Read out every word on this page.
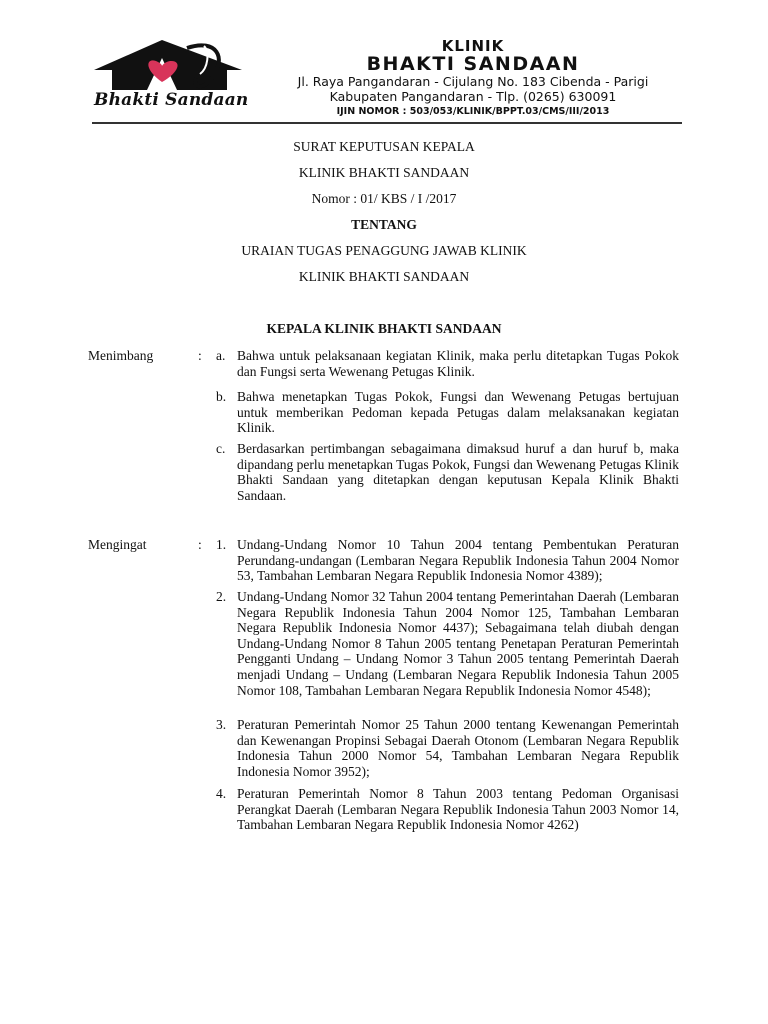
Bhakti Sandaan
KLINIK
BHAKTI SANDAAN
Jl. Raya Pangandaran - Cijulang No. 183 Cibenda - Parigi
Kabupaten Pangandaran - Tlp. (0265) 630091
IJIN NOMOR : 503/053/KLINIK/BPPT.03/CMS/III/2013
SURAT KEPUTUSAN KEPALA
KLINIK BHAKTI SANDAAN
Nomor : 01/ KBS / I /2017
TENTANG
URAIAN TUGAS PENAGGUNG JAWAB KLINIK
KLINIK BHAKTI SANDAAN
KEPALA KLINIK BHAKTI SANDAAN
Menimbang	: a. Bahwa untuk pelaksanaan kegiatan Klinik, maka perlu ditetapkan Tugas Pokok dan Fungsi serta Wewenang Petugas Klinik.
b. Bahwa menetapkan Tugas Pokok, Fungsi dan Wewenang Petugas bertujuan untuk memberikan Pedoman kepada Petugas dalam melaksanakan kegiatan Klinik.
c. Berdasarkan pertimbangan sebagaimana dimaksud huruf a dan huruf b, maka dipandang perlu menetapkan Tugas Pokok, Fungsi dan Wewenang Petugas Klinik Bhakti Sandaan yang ditetapkan dengan keputusan Kepala Klinik Bhakti Sandaan.
Mengingat	: 1. Undang-Undang Nomor 10 Tahun 2004 tentang Pembentukan Peraturan Perundang-undangan (Lembaran Negara Republik Indonesia Tahun 2004 Nomor 53, Tambahan Lembaran Negara Republik Indonesia Nomor 4389);
2. Undang-Undang Nomor 32 Tahun 2004 tentang Pemerintahan Daerah (Lembaran Negara Republik Indonesia Tahun 2004 Nomor 125, Tambahan Lembaran Negara Republik Indonesia Nomor 4437); Sebagaimana telah diubah dengan Undang-Undang Nomor 8 Tahun 2005 tentang Penetapan Peraturan Pemerintah Pengganti Undang – Undang Nomor 3 Tahun 2005 tentang Pemerintah Daerah menjadi Undang – Undang (Lembaran Negara Republik Indonesia Tahun 2005 Nomor 108, Tambahan Lembaran Negara Republik Indonesia Nomor 4548);
3. Peraturan Pemerintah Nomor 25 Tahun 2000 tentang Kewenangan Pemerintah dan Kewenangan Propinsi Sebagai Daerah Otonom (Lembaran Negara Republik Indonesia Tahun 2000 Nomor 54, Tambahan Lembaran Negara Republik Indonesia Nomor 3952);
4. Peraturan Pemerintah Nomor 8 Tahun 2003 tentang Pedoman Organisasi Perangkat Daerah (Lembaran Negara Republik Indonesia Tahun 2003 Nomor 14, Tambahan Lembaran Negara Republik Indonesia Nomor 4262)
